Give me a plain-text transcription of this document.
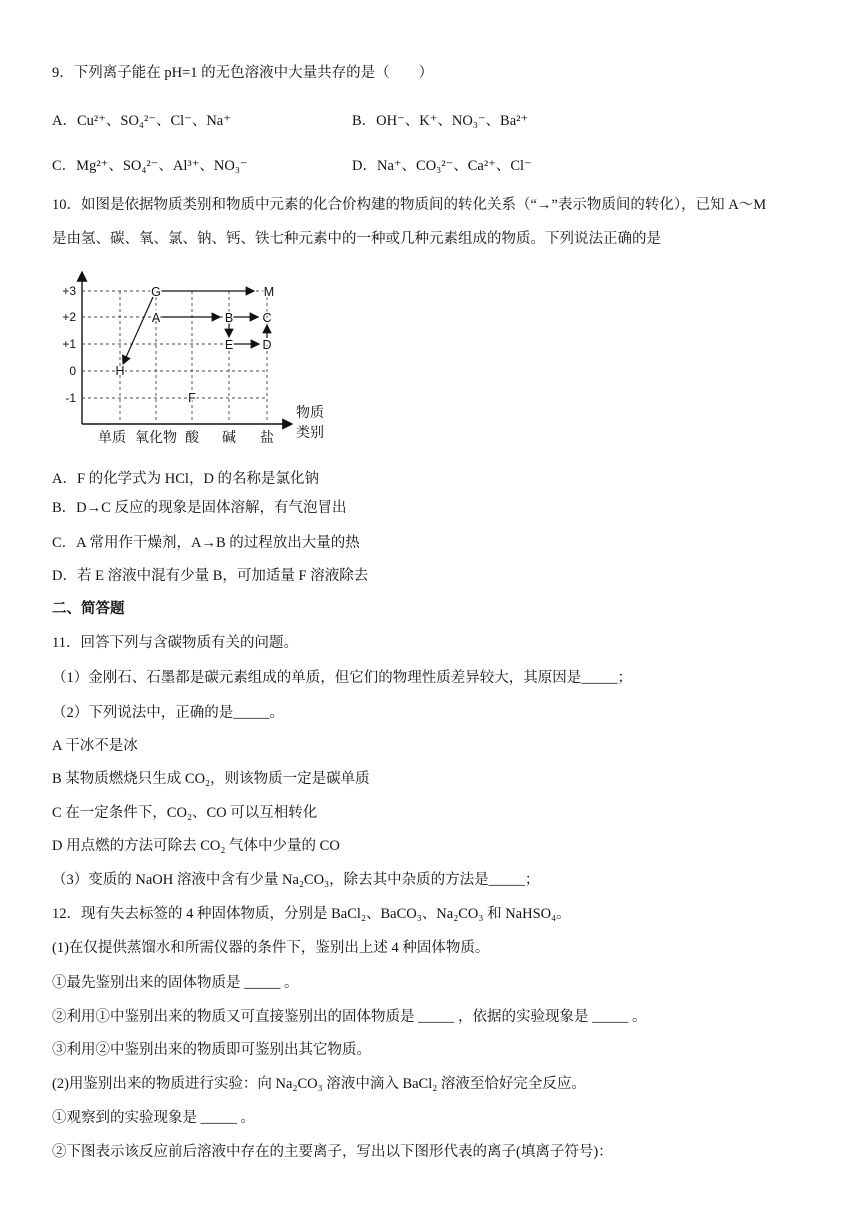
9．下列离子能在 pH=1 的无色溶液中大量共存的是（　　）
A．Cu²⁺、SO₄²⁻、Cl⁻、Na⁺	B．OH⁻、K⁺、NO₃⁻、Ba²⁺
C．Mg²⁺、SO₄²⁻、Al³⁺、NO₃⁻	D．Na⁺、CO₃²⁻、Ca²⁺、Cl⁻
10．如图是依据物质类别和物质中元素的化合价构建的物质间的转化关系（“→”表示物质间的转化），已知 A～M
是由氢、碳、氧、氯、钠、钙、铁七种元素中的一种或几种元素组成的物质。下列说法正确的是
+3
+2
+1
0
-1
单质 氧化物 酸 碱 盐
物质
类别
G	M
A	B C
E D
H
F
A．F 的化学式为 HCl，D 的名称是氯化钠
B．D→C 反应的现象是固体溶解，有气泡冒出
C．A 常用作干燥剂，A→B 的过程放出大量的热
D．若 E 溶液中混有少量 B，可加适量 F 溶液除去
二、简答题
11．回答下列与含碳物质有关的问题。
（1）金刚石、石墨都是碳元素组成的单质，但它们的物理性质差异较大，其原因是_____；
（2）下列说法中，正确的是_____。
A 干冰不是冰
B 某物质燃烧只生成 CO₂，则该物质一定是碳单质
C 在一定条件下，CO₂、CO 可以互相转化
D 用点燃的方法可除去 CO₂ 气体中少量的 CO
（3）变质的 NaOH 溶液中含有少量 Na₂CO₃，除去其中杂质的方法是_____；
12．现有失去标签的 4 种固体物质，分别是 BaCl₂、BaCO₃、Na₂CO₃ 和 NaHSO₄。
(1)在仅提供蒸馏水和所需仪器的条件下，鉴别出上述 4 种固体物质。
①最先鉴别出来的固体物质是 _____ 。
②利用①中鉴别出来的物质又可直接鉴别出的固体物质是 _____ ，依据的实验现象是 _____ 。
③利用②中鉴别出来的物质即可鉴别出其它物质。
(2)用鉴别出来的物质进行实验：向 Na₂CO₃ 溶液中滴入 BaCl₂ 溶液至恰好完全反应。
①观察到的实验现象是 _____ 。
②下图表示该反应前后溶液中存在的主要离子，写出以下图形代表的离子(填离子符号)：
